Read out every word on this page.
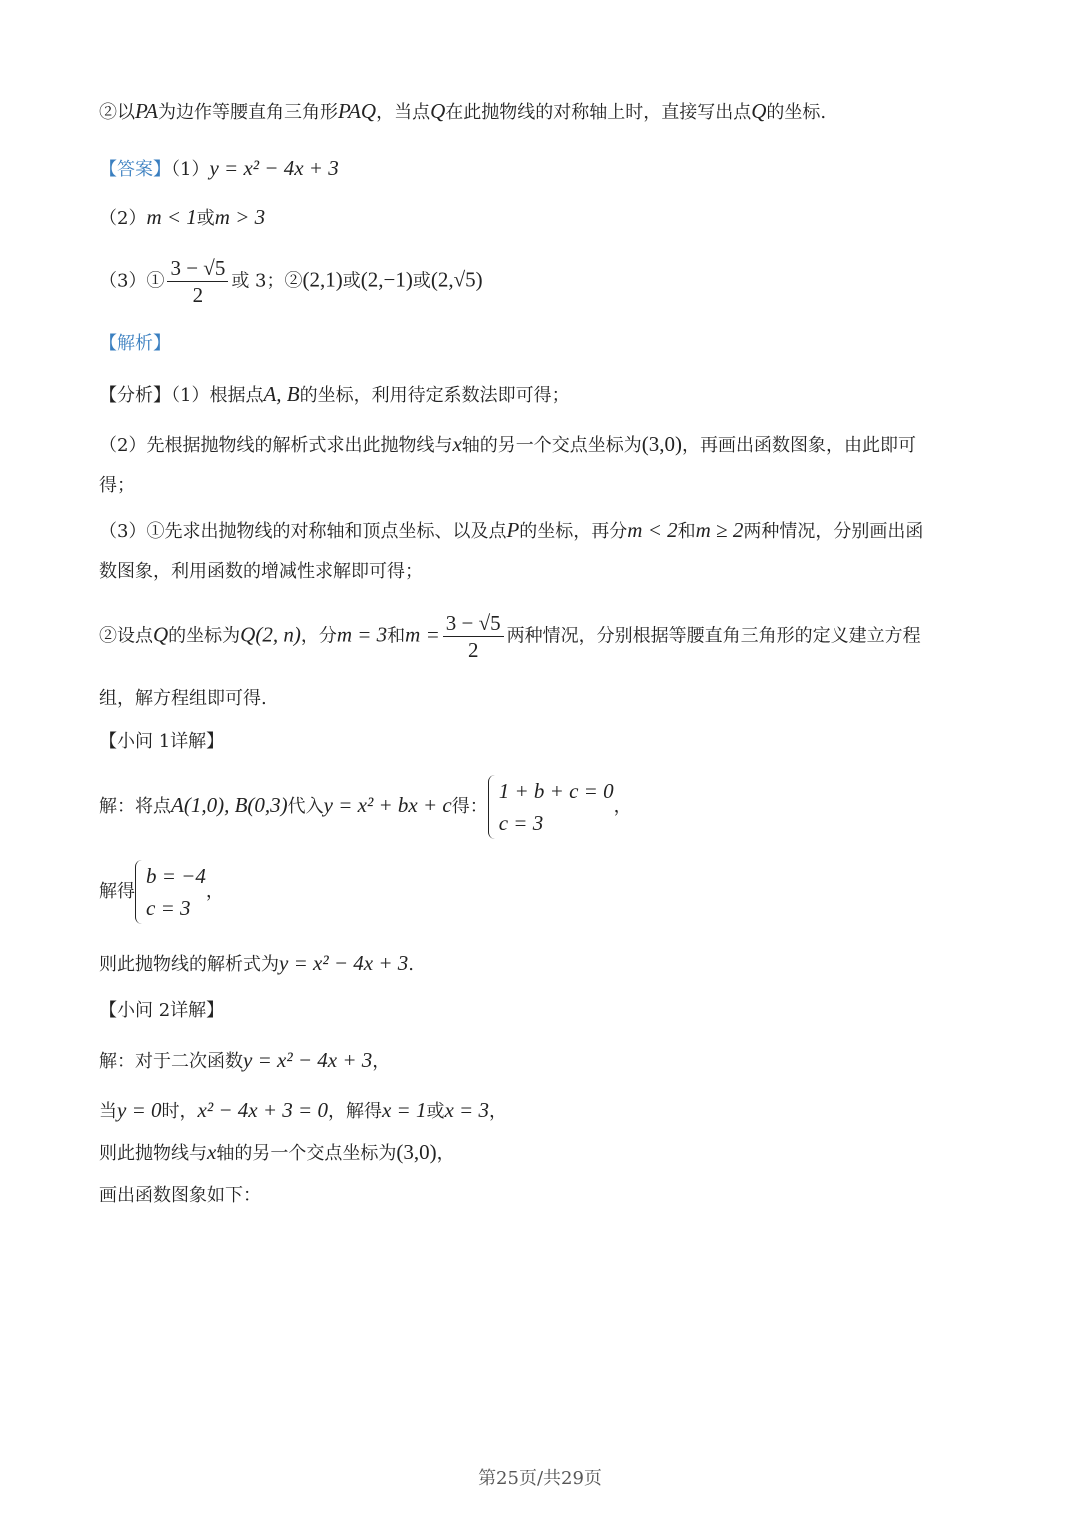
②以PA为边作等腰直角三角形PAQ，当点Q在此抛物线的对称轴上时，直接写出点Q的坐标.
【答案】（1）y = x² − 4x + 3
（2）m < 1或m > 3
（3）① $\frac{3 - √5}{2}$ 或 3；②(2,1)或(2,−1)或(2,√5)
【解析】
【分析】（1）根据点A, B的坐标，利用待定系数法即可得；
（2）先根据抛物线的解析式求出此抛物线与x轴的另一个交点坐标为(3,0)，再画出函数图象，由此即可
得；
（3）①先求出抛物线的对称轴和顶点坐标、以及点P的坐标，再分m < 2和m ≥ 2两种情况，分别画出函
数图象，利用函数的增减性求解即可得；
②设点Q的坐标为Q(2, n)，分m = 3和$m = \frac{3 - √5}{2}$ 两种情况，分别根据等腰直角三角形的定义建立方程
组，解方程组即可得.
【小问 1详解】
解：将点A(1,0), B(0,3)代入y = x² + bx + c得：
1 + b + c = 0
c = 3
，
解得
b = −4
c = 3
，
则此抛物线的解析式为y = x² − 4x + 3.
【小问 2详解】
解：对于二次函数y = x² − 4x + 3，
当y = 0时，x² − 4x + 3 = 0，解得x = 1或x = 3，
则此抛物线与x轴的另一个交点坐标为(3,0)，
画出函数图象如下：
第25页/共29页
